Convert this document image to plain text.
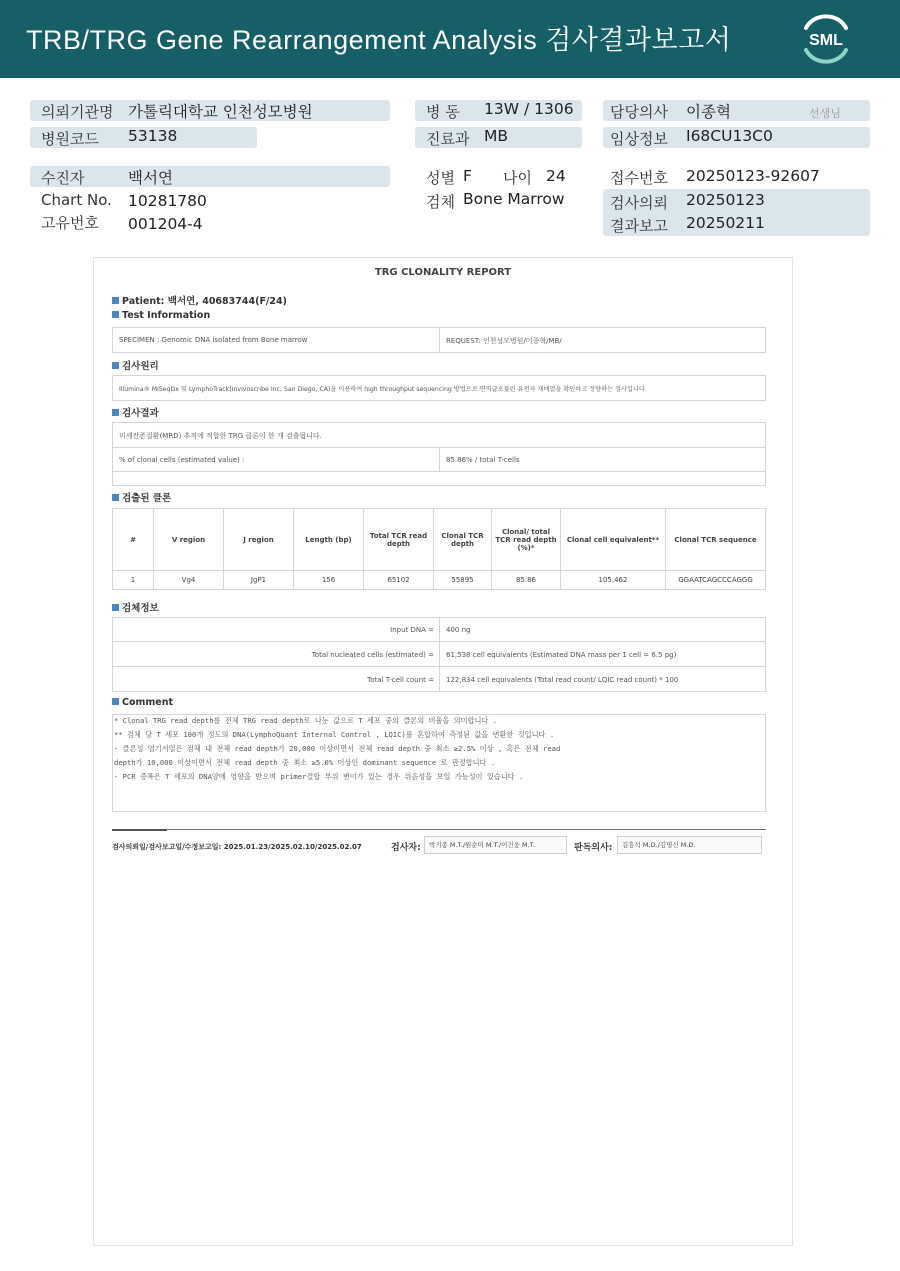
TRB/TRG Gene Rearrangement Analysis 검사결과보고서	SML
의뢰기관명 가톨릭대학교 인천성모병원
병원코드 53138
병 동 13W / 1306
진료과 MB
담당의사 이종혁	선생님
임상정보 I68CU13C0
수진자	백서연
Chart No. 10281780
고유번호 001204-4
성별 F 나이 24
검체 Bone Marrow
접수번호 20250123-92607
검사의뢰 20250123
결과보고 20250211
TRG CLONALITY REPORT
Patient: 백서연, 40683744(F/24)
Test Information
SPECIMEN : Genomic DNA isolated from Bone marrow	REQUEST: 인천성모병원/이종혁/MB/
검사원리
Illumina® MiSeqDx 및 LymphoTrack(Invivoscribe Inc, San Diego, CA)을 이용하여 high throughput sequencing 방법으로 면역글로불린 유전자 재배열을 확인하고 정량하는 검사입니다.
검사결과
미세잔존질환(MRD) 추적에 적합한 TRG 클론이 한 개 검출됩니다.
% of clonal cells (estimated value) :	85.86% / total T-cells
검출된 클론
#	V region	J region	Length (bp)	Total TCR read depth	Clonal TCR depth	Clonal/ total TCR read depth (%)*	Clonal cell equivalent**	Clonal TCR sequence
1	Vg4	JgP1	156	65102	55895	85.86	105,462	GGAATCAGCCCAGGG
검체정보
Input DNA = 400 ng
Total nucleated cells (estimated) = 61,538 cell equivalents (Estimated DNA mass per 1 cell = 6.5 pg)
Total T-cell count = 122,834 cell equivalents (Total read count/ LQIC read count) * 100
Comment
* Clonal TRG read depth를 전체 TRG read depth로 나눈 값으로 T 세포 중의 클론의 비율을 의미합니다 .
** 검체 당 T 세포 100개 정도의 DNA(LymphoQuant Internal Control , LQIC)를 혼합하여 측정된 값을 변환한 것입니다 .
- 클론성 염기서열은 검체 내 전체 read depth가 20,000 이상이면서 전체 read depth 중 최소 ≥2.5% 이상 , 혹은 전체 read
depth가 10,000 이상이면서 전체 read depth 중 최소 ≥5.0% 이상인 dominant sequence 로 판정합니다 .
- PCR 증폭은 T 세포의 DNA양에 영향을 받으며 primer결합 부위 변이가 있는 경우 위음성을 보일 가능성이 있습니다 .
검사의뢰일/검사보고일/수정보고일: 2025.01.23/2025.02.10/2025.02.07	검사자:	박기종 M.T./원순미 M.T./이건웅 M.T.	판독의사:	김흥석 M.D./김명신 M.D.
